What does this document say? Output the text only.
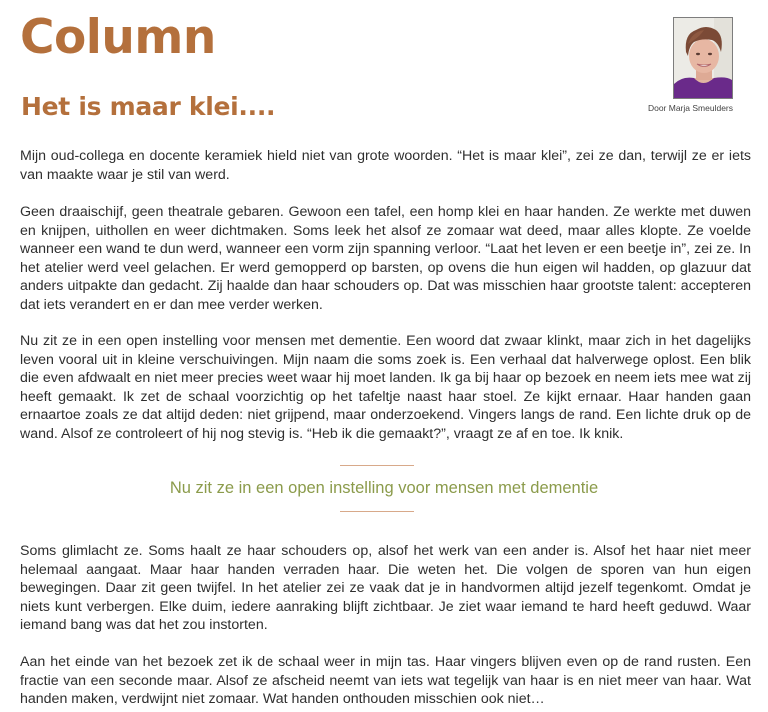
Column
Het is maar klei....	Door Marja Smeulders

Mijn oud-collega en docente keramiek hield niet van grote woorden. “Het is maar klei”, zei ze dan, terwijl ze er iets van maakte waar je stil van werd.

Geen draaischijf, geen theatrale gebaren. Gewoon een tafel, een homp klei en haar handen. Ze werkte met duwen en knijpen, uithollen en weer dichtmaken. Soms leek het alsof ze zomaar wat deed, maar alles klopte. Ze voelde wanneer een wand te dun werd, wanneer een vorm zijn spanning verloor. “Laat het leven er een beetje in”, zei ze. In het atelier werd veel gelachen. Er werd gemopperd op barsten, op ovens die hun eigen wil hadden, op glazuur dat anders uitpakte dan gedacht. Zij haalde dan haar schouders op. Dat was misschien haar grootste talent: accepteren dat iets verandert en er dan mee verder werken.

Nu zit ze in een open instelling voor mensen met dementie. Een woord dat zwaar klinkt, maar zich in het dagelijks leven vooral uit in kleine verschuivingen. Mijn naam die soms zoek is. Een verhaal dat halverwege oplost. Een blik die even afdwaalt en niet meer precies weet waar hij moet landen. Ik ga bij haar op bezoek en neem iets mee wat zij heeft gemaakt. Ik zet de schaal voorzichtig op het tafeltje naast haar stoel. Ze kijkt ernaar. Haar handen gaan ernaartoe zoals ze dat altijd deden: niet grijpend, maar onderzoekend. Vingers langs de rand. Een lichte druk op de wand. Alsof ze controleert of hij nog stevig is. “Heb ik die gemaakt?”, vraagt ze af en toe. Ik knik.

Nu zit ze in een open instelling voor mensen met dementie

Soms glimlacht ze. Soms haalt ze haar schouders op, alsof het werk van een ander is. Alsof het haar niet meer helemaal aangaat. Maar haar handen verraden haar. Die weten het. Die volgen de sporen van hun eigen bewegingen. Daar zit geen twijfel. In het atelier zei ze vaak dat je in handvormen altijd jezelf tegenkomt. Omdat je niets kunt verbergen. Elke duim, iedere aanraking blijft zichtbaar. Je ziet waar iemand te hard heeft geduwd. Waar iemand bang was dat het zou instorten.

Aan het einde van het bezoek zet ik de schaal weer in mijn tas. Haar vingers blijven even op de rand rusten. Een fractie van een seconde maar. Alsof ze afscheid neemt van iets wat tegelijk van haar is en niet meer van haar. Wat handen maken, verdwijnt niet zomaar. Wat handen onthouden misschien ook niet…
